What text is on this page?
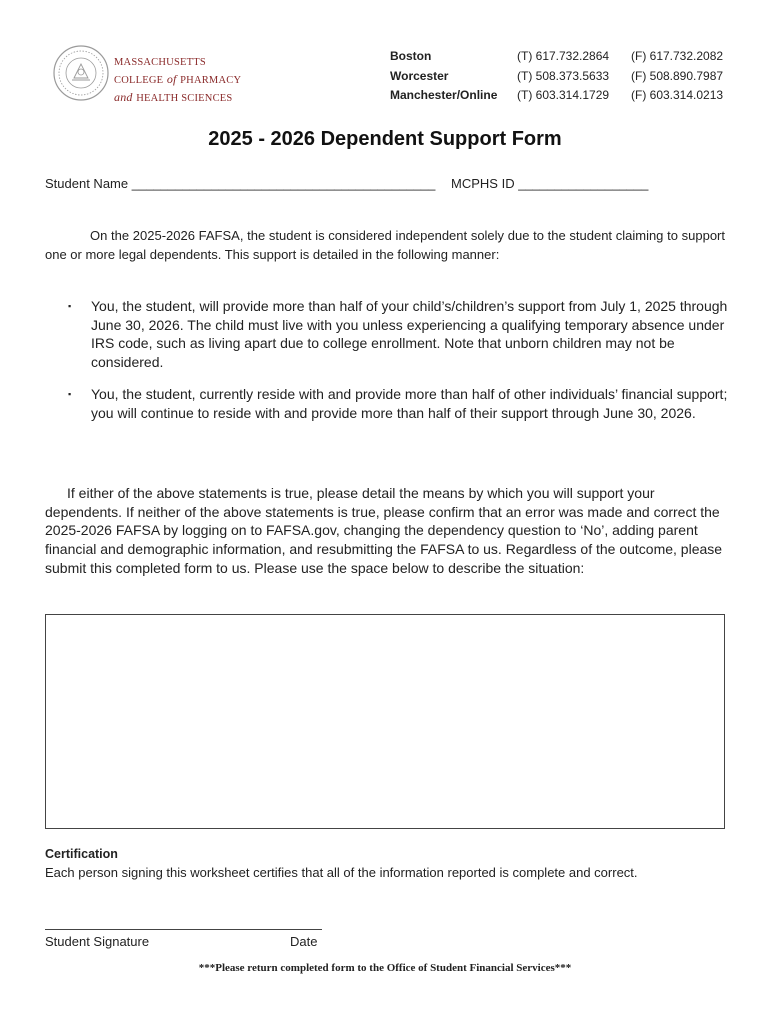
MASSACHUSETTS
COLLEGE of PHARMACY
and HEALTH SCIENCES
Boston	(T) 617.732.2864 (F) 617.732.2082
Worcester	(T) 508.373.5633 (F) 508.890.7987
Manchester/Online (T) 603.314.1729 (F) 603.314.0213
2025 - 2026 Dependent Support Form
Student Name __________________________________________ MCPHS ID __________________
On the 2025-2026 FAFSA, the student is considered independent solely due to the student claiming to support one or more legal dependents. This support is detailed in the following manner:
▪ You, the student, will provide more than half of your child’s/children’s support from July 1, 2025 through June 30, 2026. The child must live with you unless experiencing a qualifying temporary absence under IRS code, such as living apart due to college enrollment. Note that unborn children may not be considered.
▪ You, the student, currently reside with and provide more than half of other individuals’ financial support; you will continue to reside with and provide more than half of their support through June 30, 2026.
If either of the above statements is true, please detail the means by which you will support your dependents. If neither of the above statements is true, please confirm that an error was made and correct the 2025-2026 FAFSA by logging on to FAFSA.gov, changing the dependency question to ‘No’, adding parent financial and demographic information, and resubmitting the FAFSA to us. Regardless of the outcome, please submit this completed form to us. Please use the space below to describe the situation:
Certification
Each person signing this worksheet certifies that all of the information reported is complete and correct.
Student Signature	Date
***Please return completed form to the Office of Student Financial Services***
